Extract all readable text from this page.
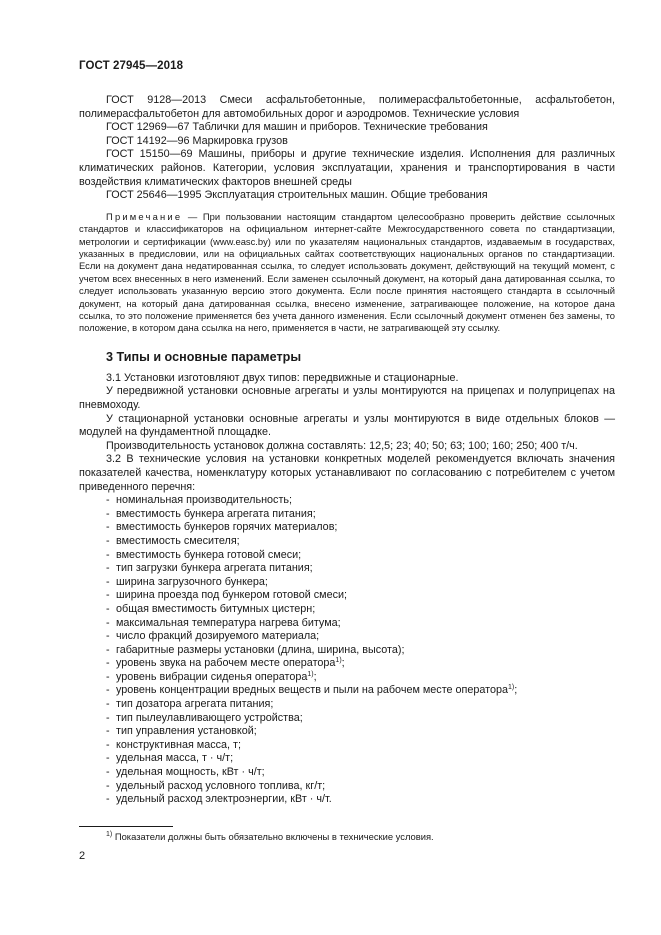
ГОСТ 27945—2018

ГОСТ 9128—2013 Смеси асфальтобетонные, полимерасфальтобетонные, асфальтобетон, полимерасфальтобетон для автомобильных дорог и аэродромов. Технические условия

ГОСТ 12969—67 Таблички для машин и приборов. Технические требования

ГОСТ 14192—96 Маркировка грузов

ГОСТ 15150—69 Машины, приборы и другие технические изделия. Исполнения для различных климатических районов. Категории, условия эксплуатации, хранения и транспортирования в части воздействия климатических факторов внешней среды

ГОСТ 25646—1995 Эксплуатация строительных машин. Общие требования

Примечание — При пользовании настоящим стандартом целесообразно проверить действие ссылочных стандартов и классификаторов на официальном интернет-сайте Межгосударственного совета по стандартизации, метрологии и сертификации (www.easc.by) или по указателям национальных стандартов, издаваемым в государствах, указанных в предисловии, или на официальных сайтах соответствующих национальных органов по стандартизации. Если на документ дана недатированная ссылка, то следует использовать документ, действующий на текущий момент, с учетом всех внесенных в него изменений. Если заменен ссылочный документ, на который дана датированная ссылка, то следует использовать указанную версию этого документа. Если после принятия настоящего стандарта в ссылочный документ, на который дана датированная ссылка, внесено изменение, затрагивающее положение, на которое дана ссылка, то это положение применяется без учета данного изменения. Если ссылочный документ отменен без замены, то положение, в котором дана ссылка на него, применяется в части, не затрагивающей эту ссылку.

3 Типы и основные параметры

3.1 Установки изготовляют двух типов: передвижные и стационарные.

У передвижной установки основные агрегаты и узлы монтируются на прицепах и полуприцепах на пневмоходу.

У стационарной установки основные агрегаты и узлы монтируются в виде отдельных блоков — модулей на фундаментной площадке.

Производительность установок должна составлять: 12,5; 23; 40; 50; 63; 100; 160; 250; 400 т/ч.

3.2 В технические условия на установки конкретных моделей рекомендуется включать значения показателей качества, номенклатуру которых устанавливают по согласованию с потребителем с учетом приведенного перечня:

- номинальная производительность;
- вместимость бункера агрегата питания;
- вместимость бункеров горячих материалов;
- вместимость смесителя;
- вместимость бункера готовой смеси;
- тип загрузки бункера агрегата питания;
- ширина загрузочного бункера;
- ширина проезда под бункером готовой смеси;
- общая вместимость битумных цистерн;
- максимальная температура нагрева битума;
- число фракций дозируемого материала;
- габаритные размеры установки (длина, ширина, высота);
- уровень звука на рабочем месте оператора$^{1)}$;
- уровень вибрации сиденья оператора$^{1)}$;
- уровень концентрации вредных веществ и пыли на рабочем месте оператора$^{1)}$;
- тип дозатора агрегата питания;
- тип пылеулавливающего устройства;
- тип управления установкой;
- конструктивная масса, т;
- удельная масса, т · ч/т;
- удельная мощность, кВт · ч/т;
- удельный расход условного топлива, кг/т;
- удельный расход электроэнергии, кВт · ч/т.
$^{1)}$ Показатели должны быть обязательно включены в технические условия.
2
